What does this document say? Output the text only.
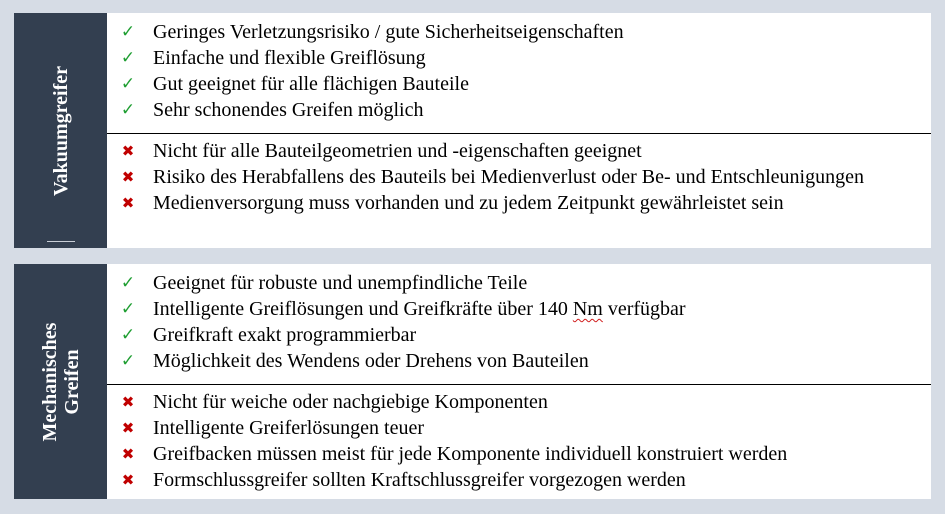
Vakuumgreifer
✓ Geringes Verletzungsrisiko / gute Sicherheitseigenschaften
✓ Einfache und flexible Greiflösung
✓ Gut geeignet für alle flächigen Bauteile
✓ Sehr schonendes Greifen möglich
✖ Nicht für alle Bauteilgeometrien und -eigenschaften geeignet
✖ Risiko des Herabfallens des Bauteils bei Medienverlust oder Be- und Entschleunigungen
✖ Medienversorgung muss vorhanden und zu jedem Zeitpunkt gewährleistet sein
Mechanisches Greifen
✓ Geeignet für robuste und unempfindliche Teile
✓ Intelligente Greiflösungen und Greifkräfte über 140 Nm verfügbar
✓ Greifkraft exakt programmierbar
✓ Möglichkeit des Wendens oder Drehens von Bauteilen
✖ Nicht für weiche oder nachgiebige Komponenten
✖ Intelligente Greiferlösungen teuer
✖ Greifbacken müssen meist für jede Komponente individuell konstruiert werden
✖ Formschlussgreifer sollten Kraftschlussgreifer vorgezogen werden
